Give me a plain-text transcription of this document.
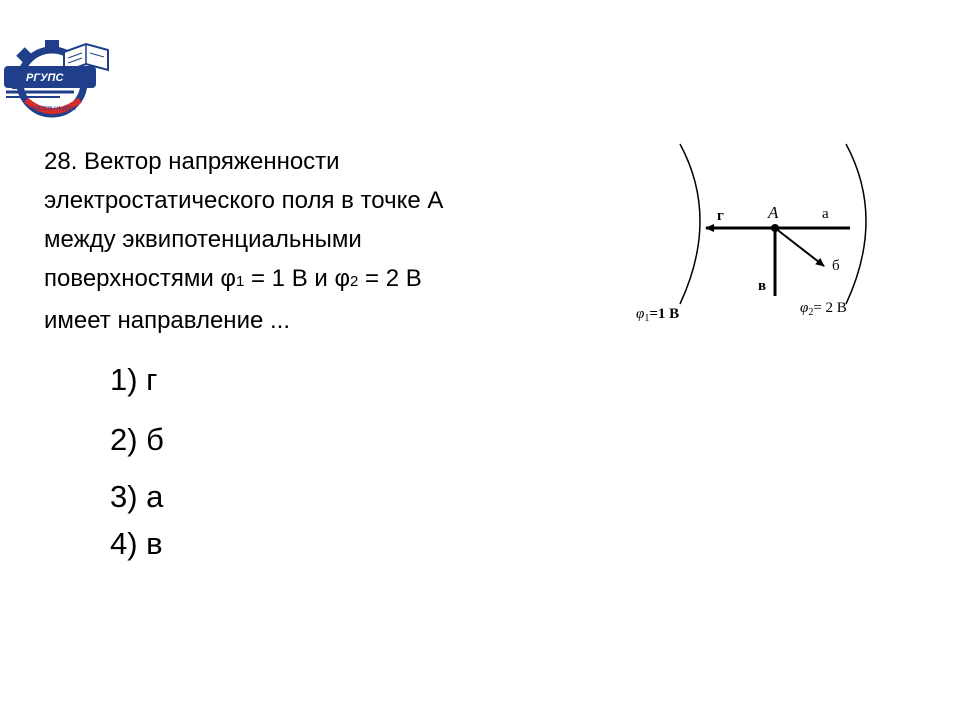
РГУПС
РОСТОВ-НА-ДОНУ
28. Вектор напряженности
электростатического поля в точке А
между эквипотенциальными
поверхностями φ1 = 1 В и φ2 = 2 В
имеет направление ...
1) г
2) б
3) а
4) в
A
г	а
б
в
$\varphi_1=1$ В	$\varphi_2= 2$ В
